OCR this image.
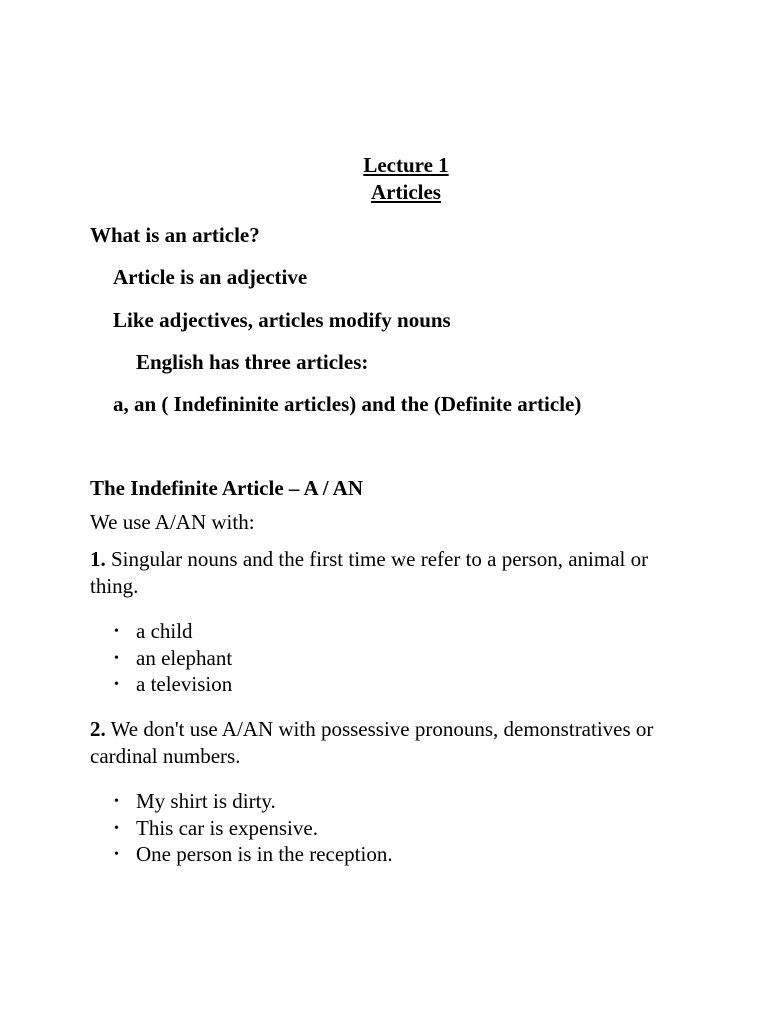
Lecture 1
Articles
What is an article?
Article is an adjective
Like adjectives, articles modify nouns
English has three articles:
a, an ( Indefininite articles) and the (Definite article)
The Indefinite Article – A / AN
We use A/AN with:
1. Singular nouns and the first time we refer to a person, animal or thing.
• a child
• an elephant
• a television
2. We don't use A/AN with possessive pronouns, demonstratives or cardinal numbers.
• My shirt is dirty.
• This car is expensive.
• One person is in the reception.
